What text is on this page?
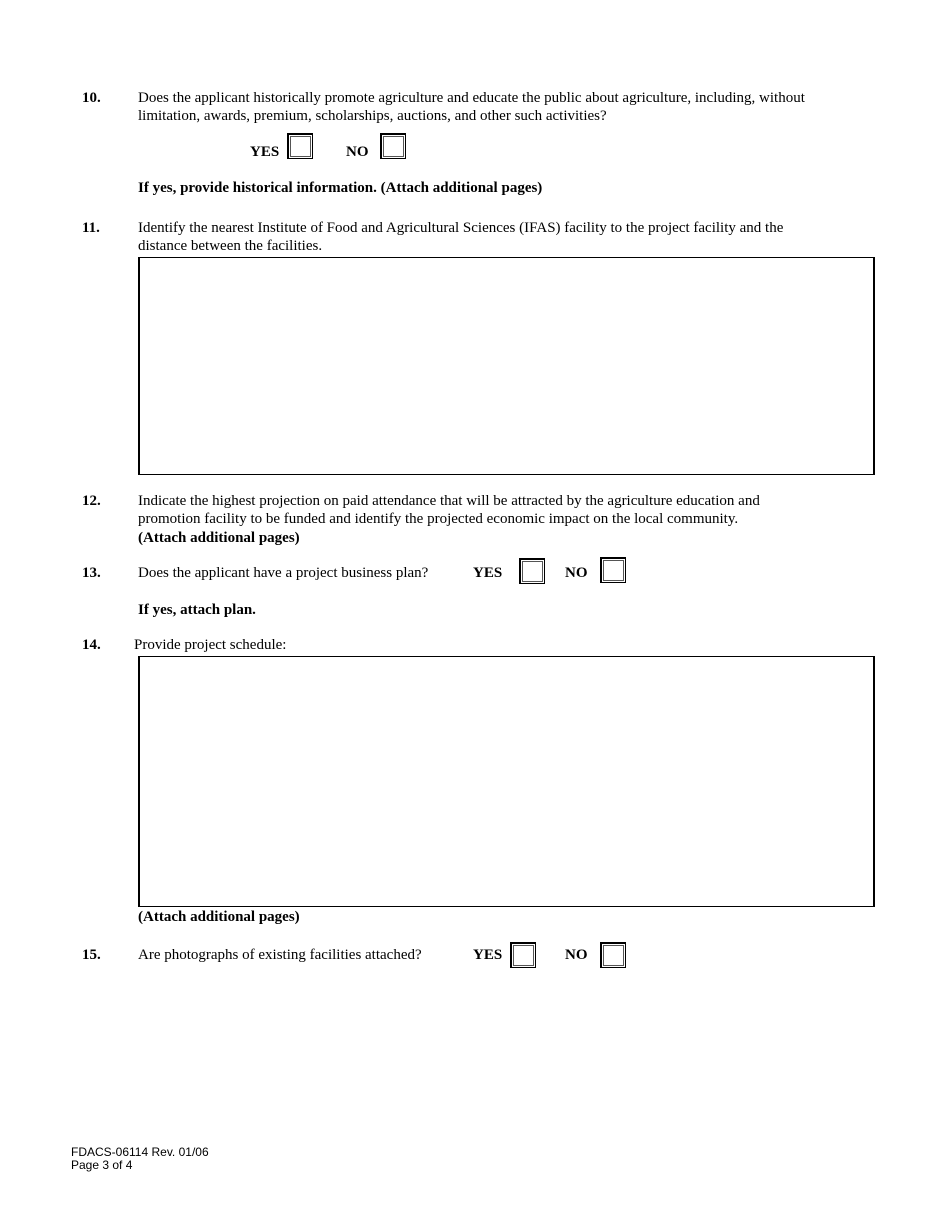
10. Does the applicant historically promote agriculture and educate the public about agriculture, including, without limitation, awards, premium, scholarships, auctions, and other such activities?
YES	NO
If yes, provide historical information. (Attach additional pages)
11.	Identify the nearest Institute of Food and Agricultural Sciences (IFAS) facility to the project facility and the distance between the facilities.
12. Indicate the highest projection on paid attendance that will be attracted by the agriculture education and promotion facility to be funded and identify the projected economic impact on the local community.
(Attach additional pages)
13. Does the applicant have a project business plan?	YES	NO
If yes, attach plan.
14. Provide project schedule:
(Attach additional pages)
15. Are photographs of existing facilities attached?	YES	NO
FDACS-06114 Rev. 01/06
Page 3 of 4
